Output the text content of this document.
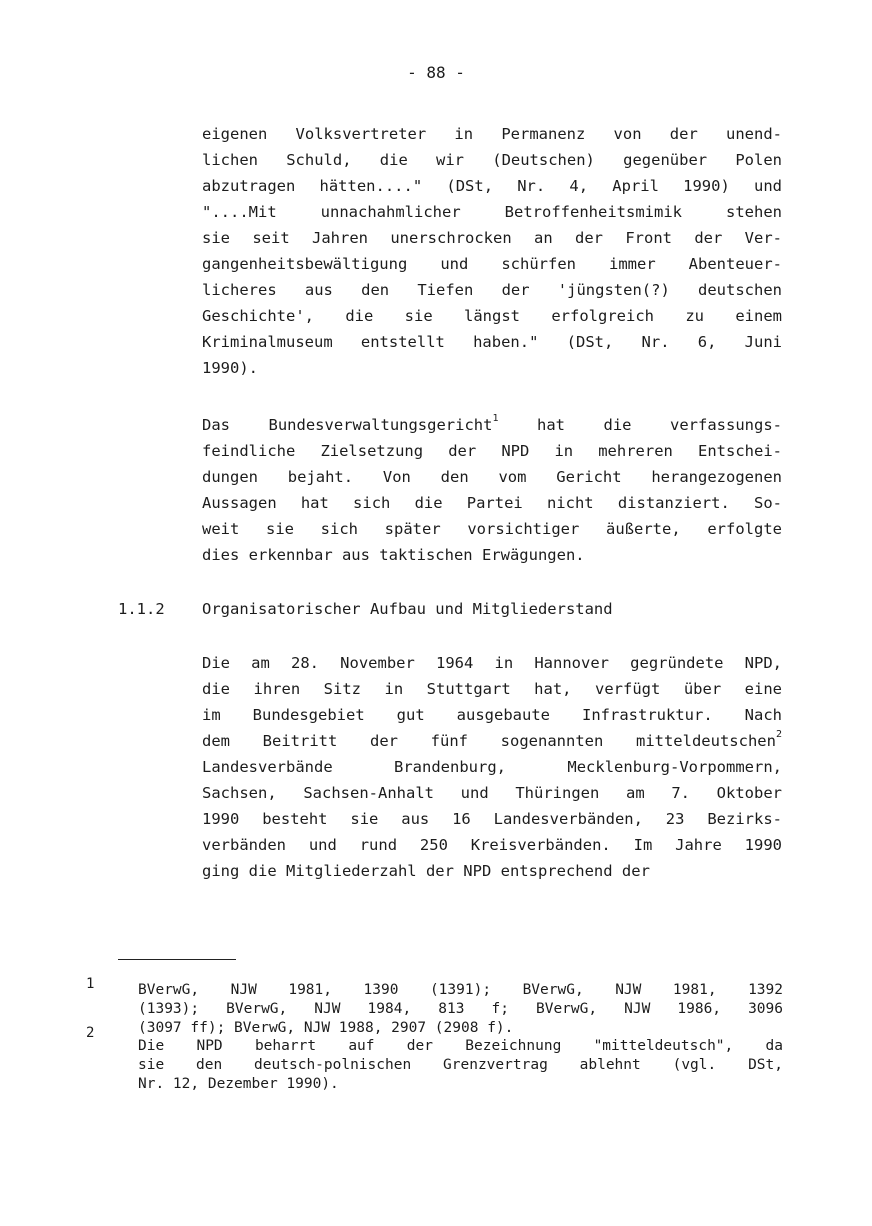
- 88 -
eigenen Volksvertreter in Permanenz von der unend-
lichen Schuld, die wir (Deutschen) gegenüber Polen
abzutragen hätten...." (DSt, Nr. 4, April 1990) und
"....Mit unnachahmlicher Betroffenheitsmimik stehen
sie seit Jahren unerschrocken an der Front der Ver-
gangenheitsbewältigung und schürfen immer Abenteuer-
licheres aus den Tiefen der 'jüngsten(?) deutschen
Geschichte', die sie längst erfolgreich zu einem
Kriminalmuseum entstellt haben." (DSt, Nr. 6, Juni
1990).
Das Bundesverwaltungsgericht$^1$ hat die verfassungs-
feindliche Zielsetzung der NPD in mehreren Entschei-
dungen bejaht. Von den vom Gericht herangezogenen
Aussagen hat sich die Partei nicht distanziert. So-
weit sie sich später vorsichtiger äußerte, erfolgte
dies erkennbar aus taktischen Erwägungen.
1.1.2 Organisatorischer Aufbau und Mitgliederstand
Die am 28. November 1964 in Hannover gegründete NPD,
die ihren Sitz in Stuttgart hat, verfügt über eine
im Bundesgebiet gut ausgebaute Infrastruktur. Nach
dem Beitritt der fünf sogenannten mitteldeutschen$^2$
Landesverbände Brandenburg, Mecklenburg-Vorpommern,
Sachsen, Sachsen-Anhalt und Thüringen am 7. Oktober
1990 besteht sie aus 16 Landesverbänden, 23 Bezirks-
verbänden und rund 250 Kreisverbänden. Im Jahre 1990
ging die Mitgliederzahl der NPD entsprechend der
1	BVerwG, NJW 1981, 1390 (1391); BVerwG, NJW 1981, 1392
(1393); BVerwG, NJW 1984, 813 f; BVerwG, NJW 1986, 3096
(3097 ff); BVerwG, NJW 1988, 2907 (2908 f).
2
Die NPD beharrt auf der Bezeichnung "mitteldeutsch", da
sie den deutsch-polnischen Grenzvertrag ablehnt (vgl. DSt,
Nr. 12, Dezember 1990).
